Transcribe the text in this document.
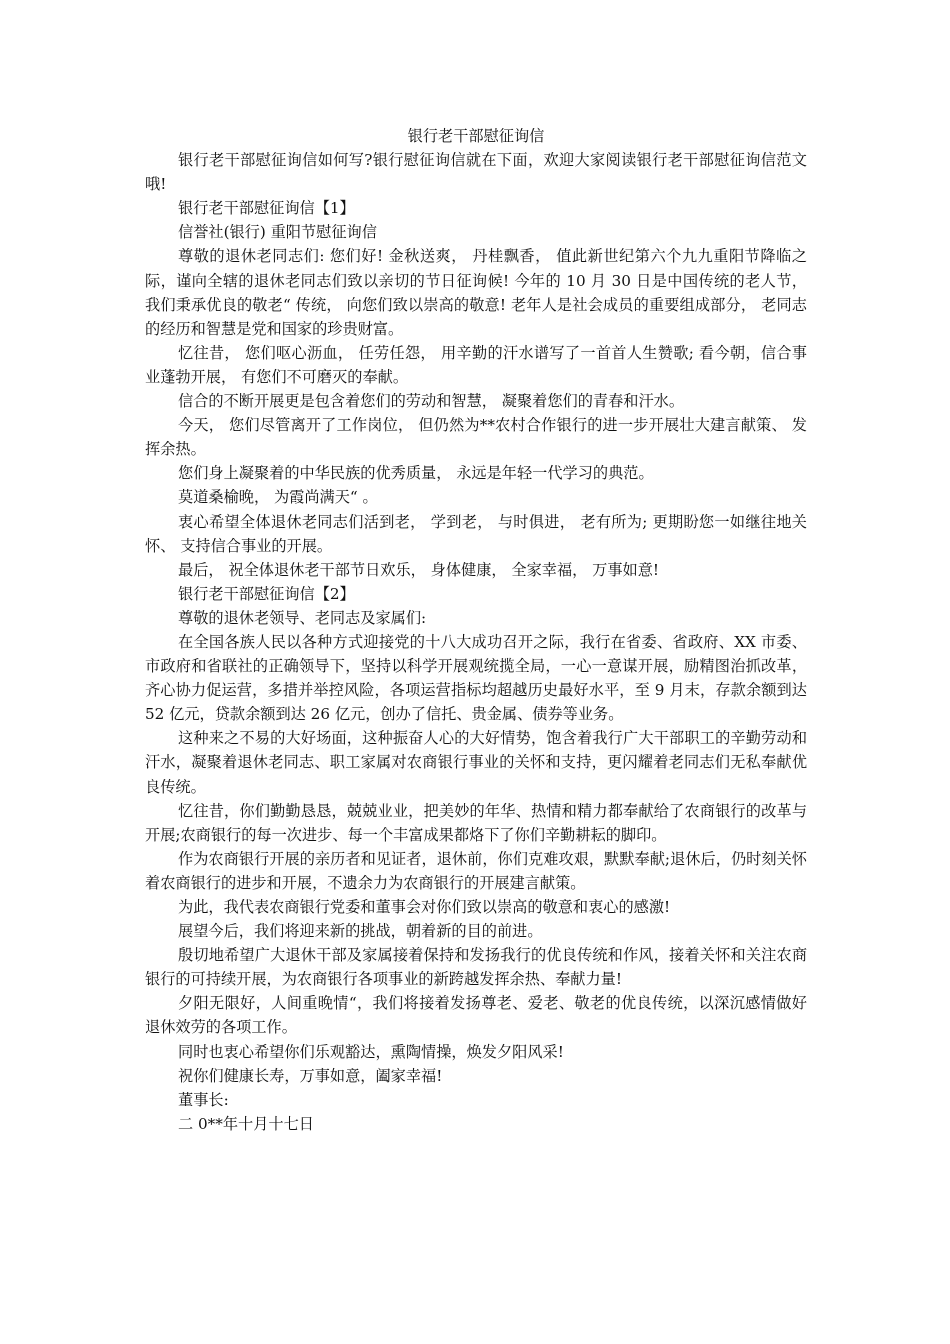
银行老干部慰征询信
银行老干部慰征询信如何写?银行慰征询信就在下面，欢迎大家阅读银行老干部慰征询信范文哦!
银行老干部慰征询信【1】
信誉社(银行) 重阳节慰征询信
尊敬的退休老同志们: 您们好! 金秋送爽， 丹桂飘香， 值此新世纪第六个九九重阳节降临之际，谨向全辖的退休老同志们致以亲切的节日征询候! 今年的 10 月 30 日是中国传统的老人节， 我们秉承优良的敬老“ 传统， 向您们致以崇高的敬意! 老年人是社会成员的重要组成部分， 老同志的经历和智慧是党和国家的珍贵财富。
忆往昔， 您们呕心沥血， 任劳任怨， 用辛勤的汗水谱写了一首首人生赞歌; 看今朝，信合事业蓬勃开展， 有您们不可磨灭的奉献。
信合的不断开展更是包含着您们的劳动和智慧， 凝聚着您们的青春和汗水。
今天， 您们尽管离开了工作岗位， 但仍然为**农村合作银行的进一步开展壮大建言献策、 发挥余热。
您们身上凝聚着的中华民族的优秀质量， 永远是年轻一代学习的典范。
莫道桑榆晚， 为霞尚满天“ 。
衷心希望全体退休老同志们活到老， 学到老， 与时俱进， 老有所为; 更期盼您一如继往地关怀、 支持信合事业的开展。
最后， 祝全体退休老干部节日欢乐， 身体健康， 全家幸福， 万事如意!
银行老干部慰征询信【2】
尊敬的退休老领导、老同志及家属们:
在全国各族人民以各种方式迎接党的十八大成功召开之际，我行在省委、省政府、XX 市委、市政府和省联社的正确领导下，坚持以科学开展观统揽全局，一心一意谋开展，励精图治抓改革，齐心协力促运营，多措并举控风险，各项运营指标均超越历史最好水平，至 9 月末，存款余额到达 52 亿元，贷款余额到达 26 亿元，创办了信托、贵金属、债券等业务。
这种来之不易的大好场面，这种振奋人心的大好情势，饱含着我行广大干部职工的辛勤劳动和汗水，凝聚着退休老同志、职工家属对农商银行事业的关怀和支持，更闪耀着老同志们无私奉献优良传统。
忆往昔，你们勤勤恳恳，兢兢业业，把美妙的年华、热情和精力都奉献给了农商银行的改革与开展;农商银行的每一次进步、每一个丰富成果都烙下了你们辛勤耕耘的脚印。
作为农商银行开展的亲历者和见证者，退休前，你们克难攻艰，默默奉献;退休后，仍时刻关怀着农商银行的进步和开展，不遗余力为农商银行的开展建言献策。
为此，我代表农商银行党委和董事会对你们致以崇高的敬意和衷心的感激!
展望今后，我们将迎来新的挑战，朝着新的目的前进。
殷切地希望广大退休干部及家属接着保持和发扬我行的优良传统和作风，接着关怀和关注农商银行的可持续开展，为农商银行各项事业的新跨越发挥余热、奉献力量!
夕阳无限好，人间重晚情“，我们将接着发扬尊老、爱老、敬老的优良传统，以深沉感情做好退休效劳的各项工作。
同时也衷心希望你们乐观豁达，熏陶情操，焕发夕阳风采!
祝你们健康长寿，万事如意，阖家幸福!
董事长:
二 0**年十月十七日
